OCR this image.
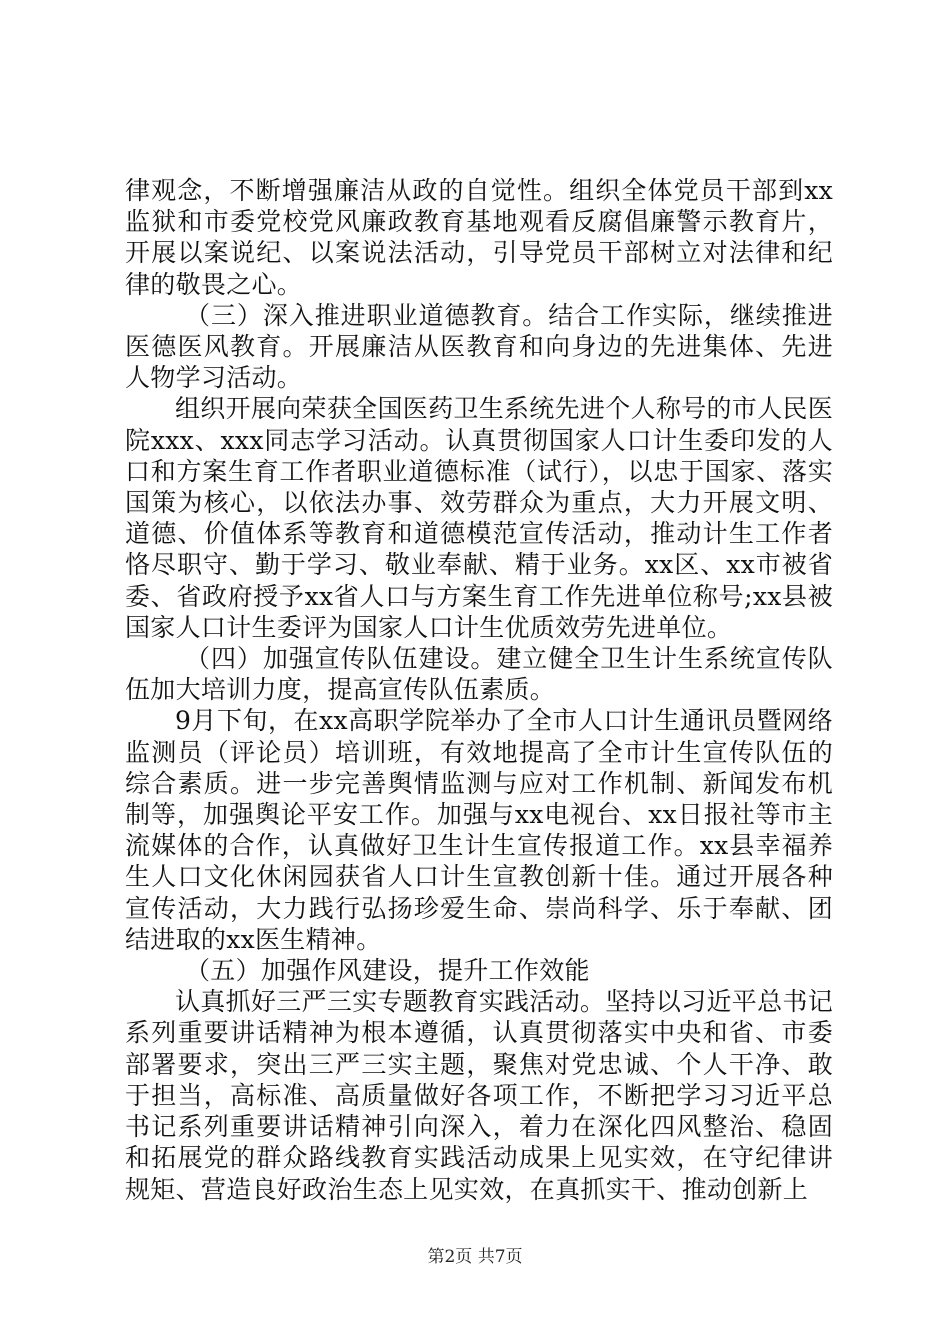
律观念，不断增强廉洁从政的自觉性。组织全体党员干部到xx监狱和市委党校党风廉政教育基地观看反腐倡廉警示教育片，开展以案说纪、以案说法活动，引导党员干部树立对法律和纪律的敬畏之心。

（三）深入推进职业道德教育。结合工作实际，继续推进医德医风教育。开展廉洁从医教育和向身边的先进集体、先进人物学习活动。

组织开展向荣获全国医药卫生系统先进个人称号的市人民医院xxx、xxx同志学习活动。认真贯彻国家人口计生委印发的人口和方案生育工作者职业道德标准（试行），以忠于国家、落实国策为核心，以依法办事、效劳群众为重点，大力开展文明、道德、价值体系等教育和道德模范宣传活动，推动计生工作者恪尽职守、勤于学习、敬业奉献、精于业务。xx区、xx市被省委、省政府授予xx省人口与方案生育工作先进单位称号;xx县被国家人口计生委评为国家人口计生优质效劳先进单位。

（四）加强宣传队伍建设。建立健全卫生计生系统宣传队伍加大培训力度，提高宣传队伍素质。

9月下旬，在xx高职学院举办了全市人口计生通讯员暨网络监测员（评论员）培训班，有效地提高了全市计生宣传队伍的综合素质。进一步完善舆情监测与应对工作机制、新闻发布机制等，加强舆论平安工作。加强与xx电视台、xx日报社等市主流媒体的合作，认真做好卫生计生宣传报道工作。xx县幸福养生人口文化休闲园获省人口计生宣教创新十佳。通过开展各种宣传活动，大力践行弘扬珍爱生命、崇尚科学、乐于奉献、团结进取的xx医生精神。

（五）加强作风建设，提升工作效能

认真抓好三严三实专题教育实践活动。坚持以习近平总书记系列重要讲话精神为根本遵循，认真贯彻落实中央和省、市委部署要求，突出三严三实主题，聚焦对党忠诚、个人干净、敢于担当，高标准、高质量做好各项工作，不断把学习习近平总书记系列重要讲话精神引向深入，着力在深化四风整治、稳固和拓展党的群众路线教育实践活动成果上见实效，在守纪律讲规矩、营造良好政治生态上见实效，在真抓实干、推动创新上

第2页 共7页
